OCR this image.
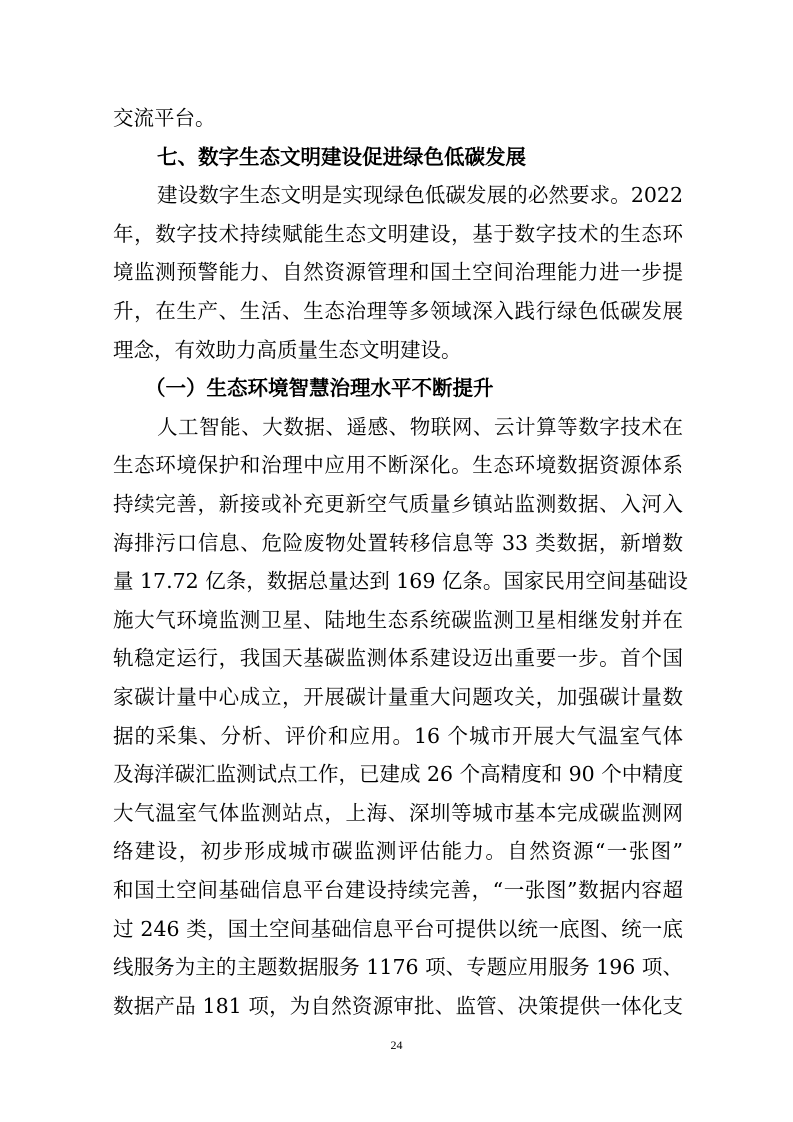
交流平台。
七、数字生态文明建设促进绿色低碳发展
建设数字生态文明是实现绿色低碳发展的必然要求。2022
年，数字技术持续赋能生态文明建设，基于数字技术的生态环
境监测预警能力、自然资源管理和国土空间治理能力进一步提
升，在生产、生活、生态治理等多领域深入践行绿色低碳发展
理念，有效助力高质量生态文明建设。
（一）生态环境智慧治理水平不断提升
人工智能、大数据、遥感、物联网、云计算等数字技术在
生态环境保护和治理中应用不断深化。生态环境数据资源体系
持续完善，新接或补充更新空气质量乡镇站监测数据、入河入
海排污口信息、危险废物处置转移信息等 33 类数据，新增数
量 17.72 亿条，数据总量达到 169 亿条。国家民用空间基础设
施大气环境监测卫星、陆地生态系统碳监测卫星相继发射并在
轨稳定运行，我国天基碳监测体系建设迈出重要一步。首个国
家碳计量中心成立，开展碳计量重大问题攻关，加强碳计量数
据的采集、分析、评价和应用。16 个城市开展大气温室气体
及海洋碳汇监测试点工作，已建成 26 个高精度和 90 个中精度
大气温室气体监测站点，上海、深圳等城市基本完成碳监测网
络建设，初步形成城市碳监测评估能力。自然资源“一张图”
和国土空间基础信息平台建设持续完善，“一张图”数据内容超
过 246 类，国土空间基础信息平台可提供以统一底图、统一底
线服务为主的主题数据服务 1176 项、专题应用服务 196 项、
数据产品 181 项，为自然资源审批、监管、决策提供一体化支
24
